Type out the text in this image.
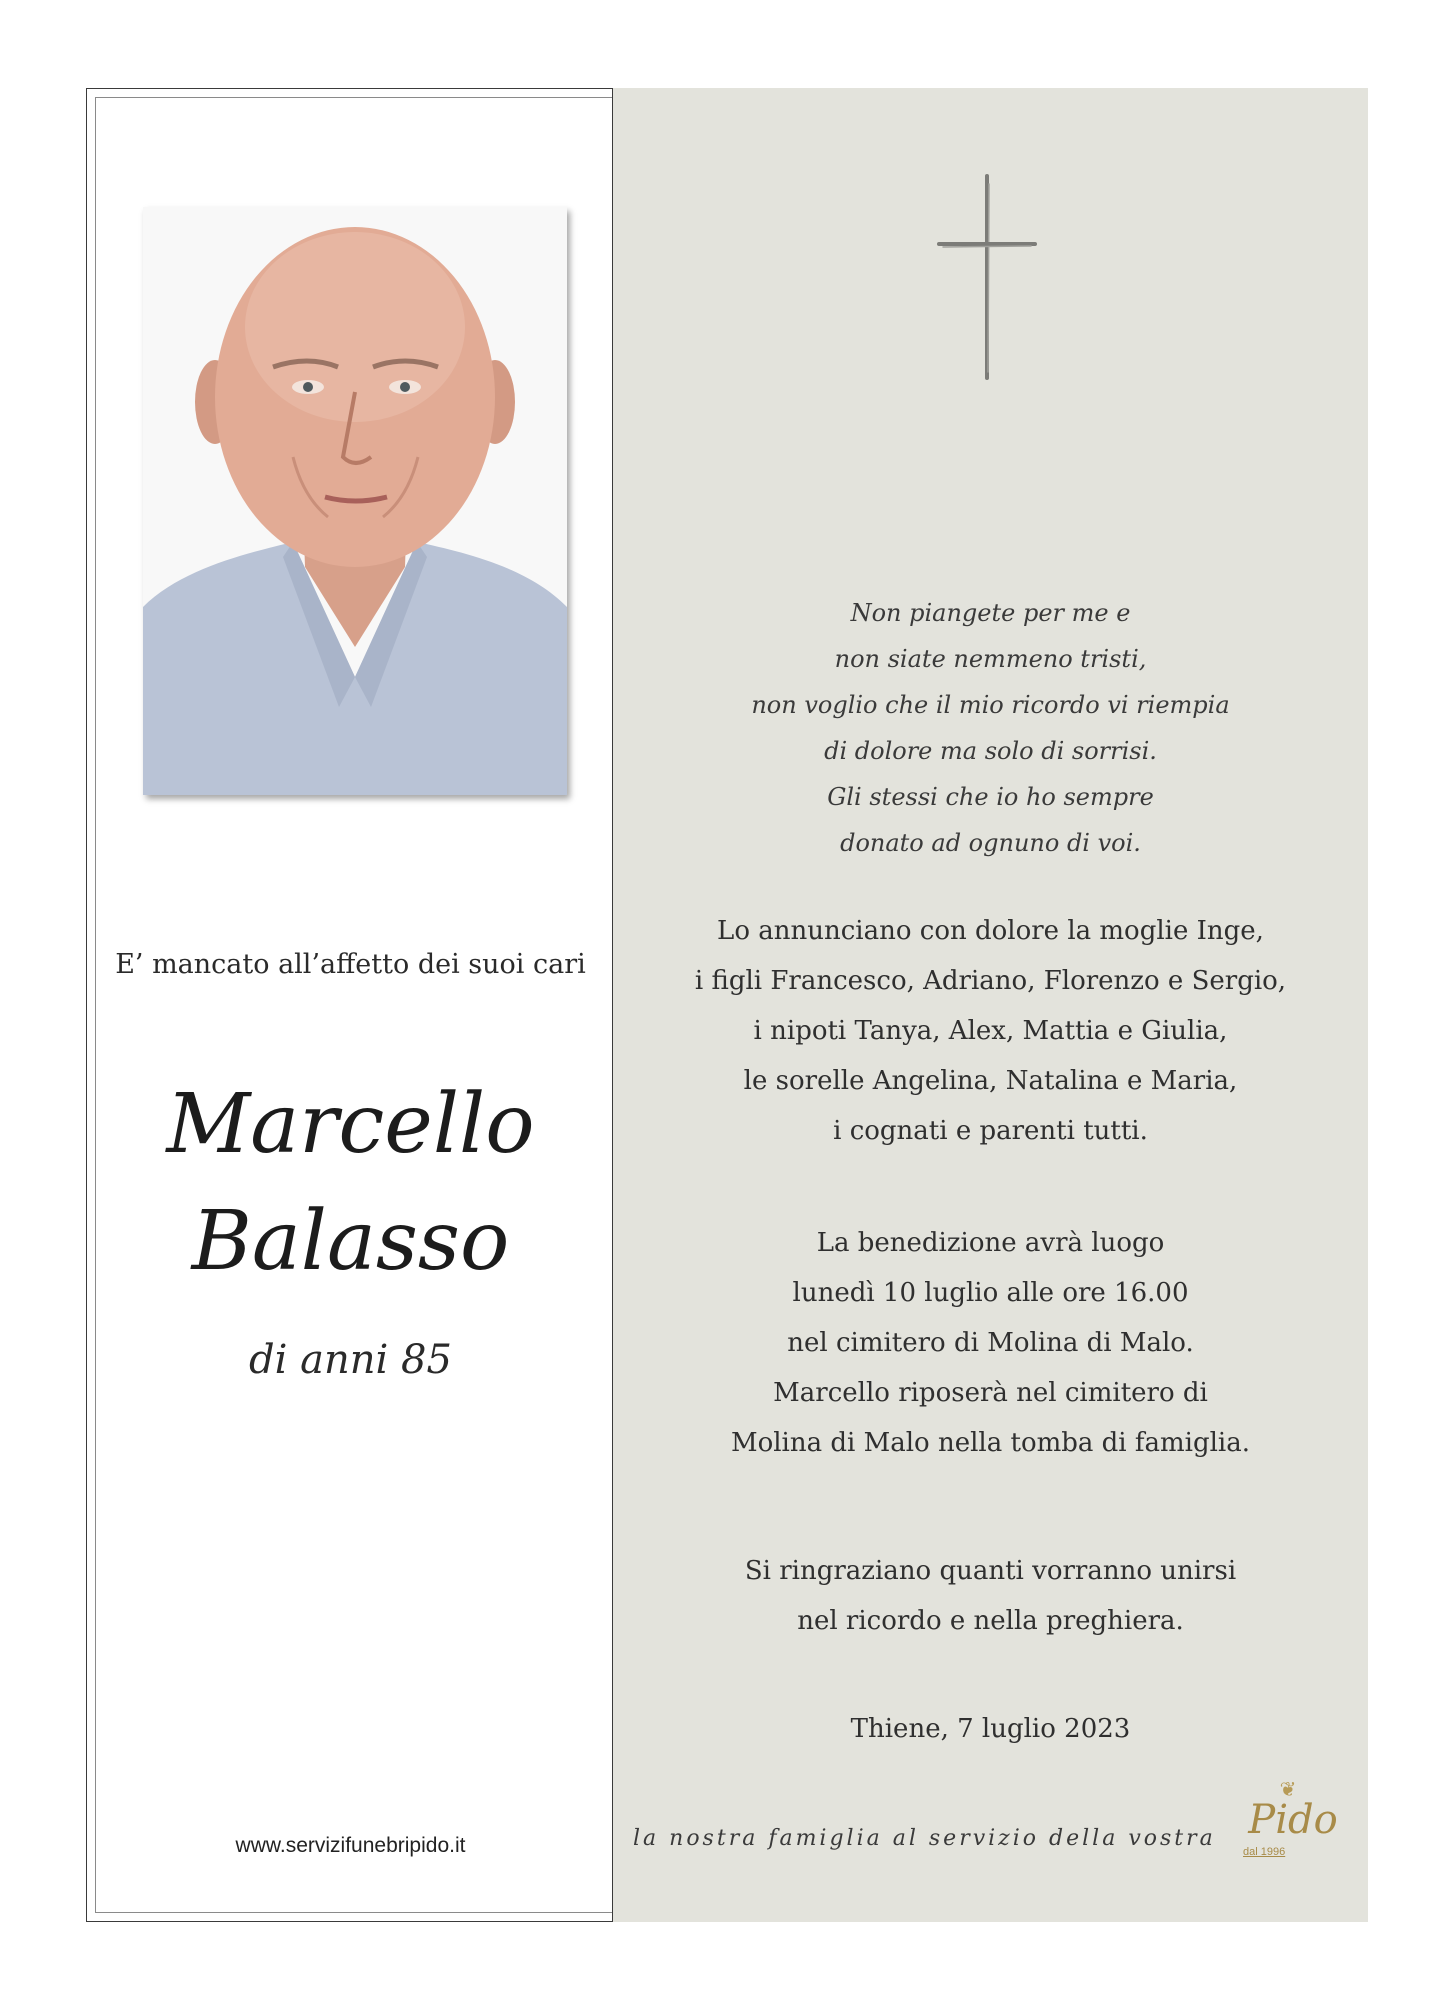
E’ mancato all’affetto dei suoi cari
Marcello
Balasso
di anni 85
www.servizifunebripido.it
Non piangete per me e
non siate nemmeno tristi,
non voglio che il mio ricordo vi riempia
di dolore ma solo di sorrisi.
Gli stessi che io ho sempre
donato ad ognuno di voi.
Lo annunciano con dolore la moglie Inge,
i figli Francesco, Adriano, Florenzo e Sergio,
i nipoti Tanya, Alex, Mattia e Giulia,
le sorelle Angelina, Natalina e Maria,
i cognati e parenti tutti.
La benedizione avrà luogo
lunedì 10 luglio alle ore 16.00
nel cimitero di Molina di Malo.
Marcello riposerà nel cimitero di
Molina di Malo nella tomba di famiglia.
Si ringraziano quanti vorranno unirsi
nel ricordo e nella preghiera.
Thiene, 7 luglio 2023
la nostra famiglia al servizio della vostra
❦
Pido
dal 1996
